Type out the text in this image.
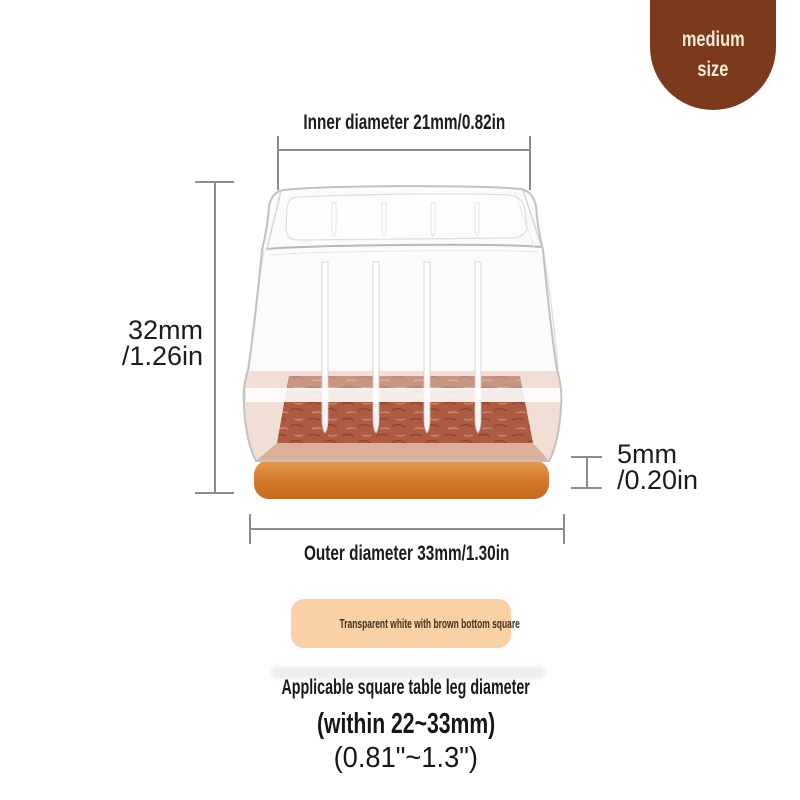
medium
size
Inner diameter 21mm/0.82in
32mm
/1.26in
5mm
/0.20in
Outer diameter 33mm/1.30in
Transparent white with brown bottom square
Applicable square table leg diameter
(within 22~33mm)
(0.81"~1.3")
